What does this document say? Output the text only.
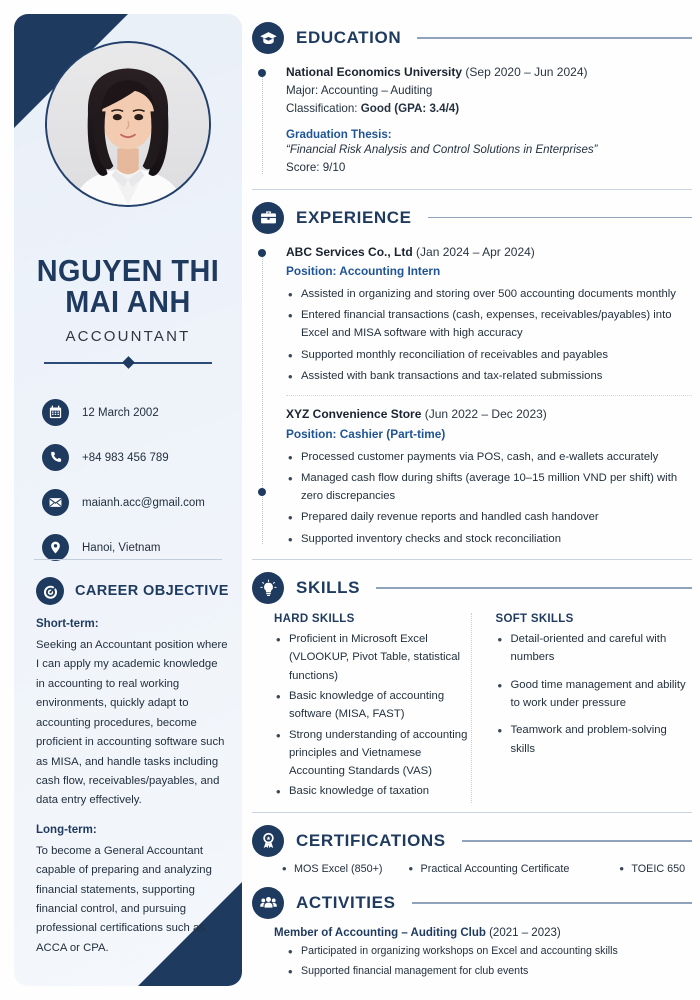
NGUYEN THI
MAI ANH
ACCOUNTANT
12 March 2002
+84 983 456 789
maianh.acc@gmail.com
Hanoi, Vietnam
CAREER OBJECTIVE
Short-term:
Seeking an Accountant position where I can apply my academic knowledge in accounting to real working environments, quickly adapt to accounting procedures, become proficient in accounting software such as MISA, and handle tasks including cash flow, receivables/payables, and data entry effectively.
Long-term:
To become a General Accountant capable of preparing and analyzing financial statements, supporting financial control, and pursuing professional certifications such as ACCA or CPA.
EDUCATION
National Economics University (Sep 2020 – Jun 2024)
Major: Accounting – Auditing
Classification: Good (GPA: 3.4/4)
Graduation Thesis:
“Financial Risk Analysis and Control Solutions in Enterprises”
Score: 9/10
EXPERIENCE
ABC Services Co., Ltd (Jan 2024 – Apr 2024)
Position: Accounting Intern
• Assisted in organizing and storing over 500 accounting documents monthly
• Entered financial transactions (cash, expenses, receivables/payables) into Excel and MISA software with high accuracy
• Supported monthly reconciliation of receivables and payables
• Assisted with bank transactions and tax-related submissions
XYZ Convenience Store (Jun 2022 – Dec 2023)
Position: Cashier (Part-time)
• Processed customer payments via POS, cash, and e-wallets accurately
• Managed cash flow during shifts (average 10–15 million VND per shift) with zero discrepancies
• Prepared daily revenue reports and handled cash handover
• Supported inventory checks and stock reconciliation
SKILLS
HARD SKILLS
• Proficient in Microsoft Excel (VLOOKUP, Pivot Table, statistical functions)
• Basic knowledge of accounting software (MISA, FAST)
• Strong understanding of accounting principles and Vietnamese Accounting Standards (VAS)
• Basic knowledge of taxation
SOFT SKILLS
• Detail-oriented and careful with numbers
• Good time management and ability to work under pressure
• Teamwork and problem-solving skills
CERTIFICATIONS
• MOS Excel (850+)	• Practical Accounting Certificate	• TOEIC 650
ACTIVITIES
Member of Accounting – Auditing Club (2021 – 2023)
• Participated in organizing workshops on Excel and accounting skills
• Supported financial management for club events
